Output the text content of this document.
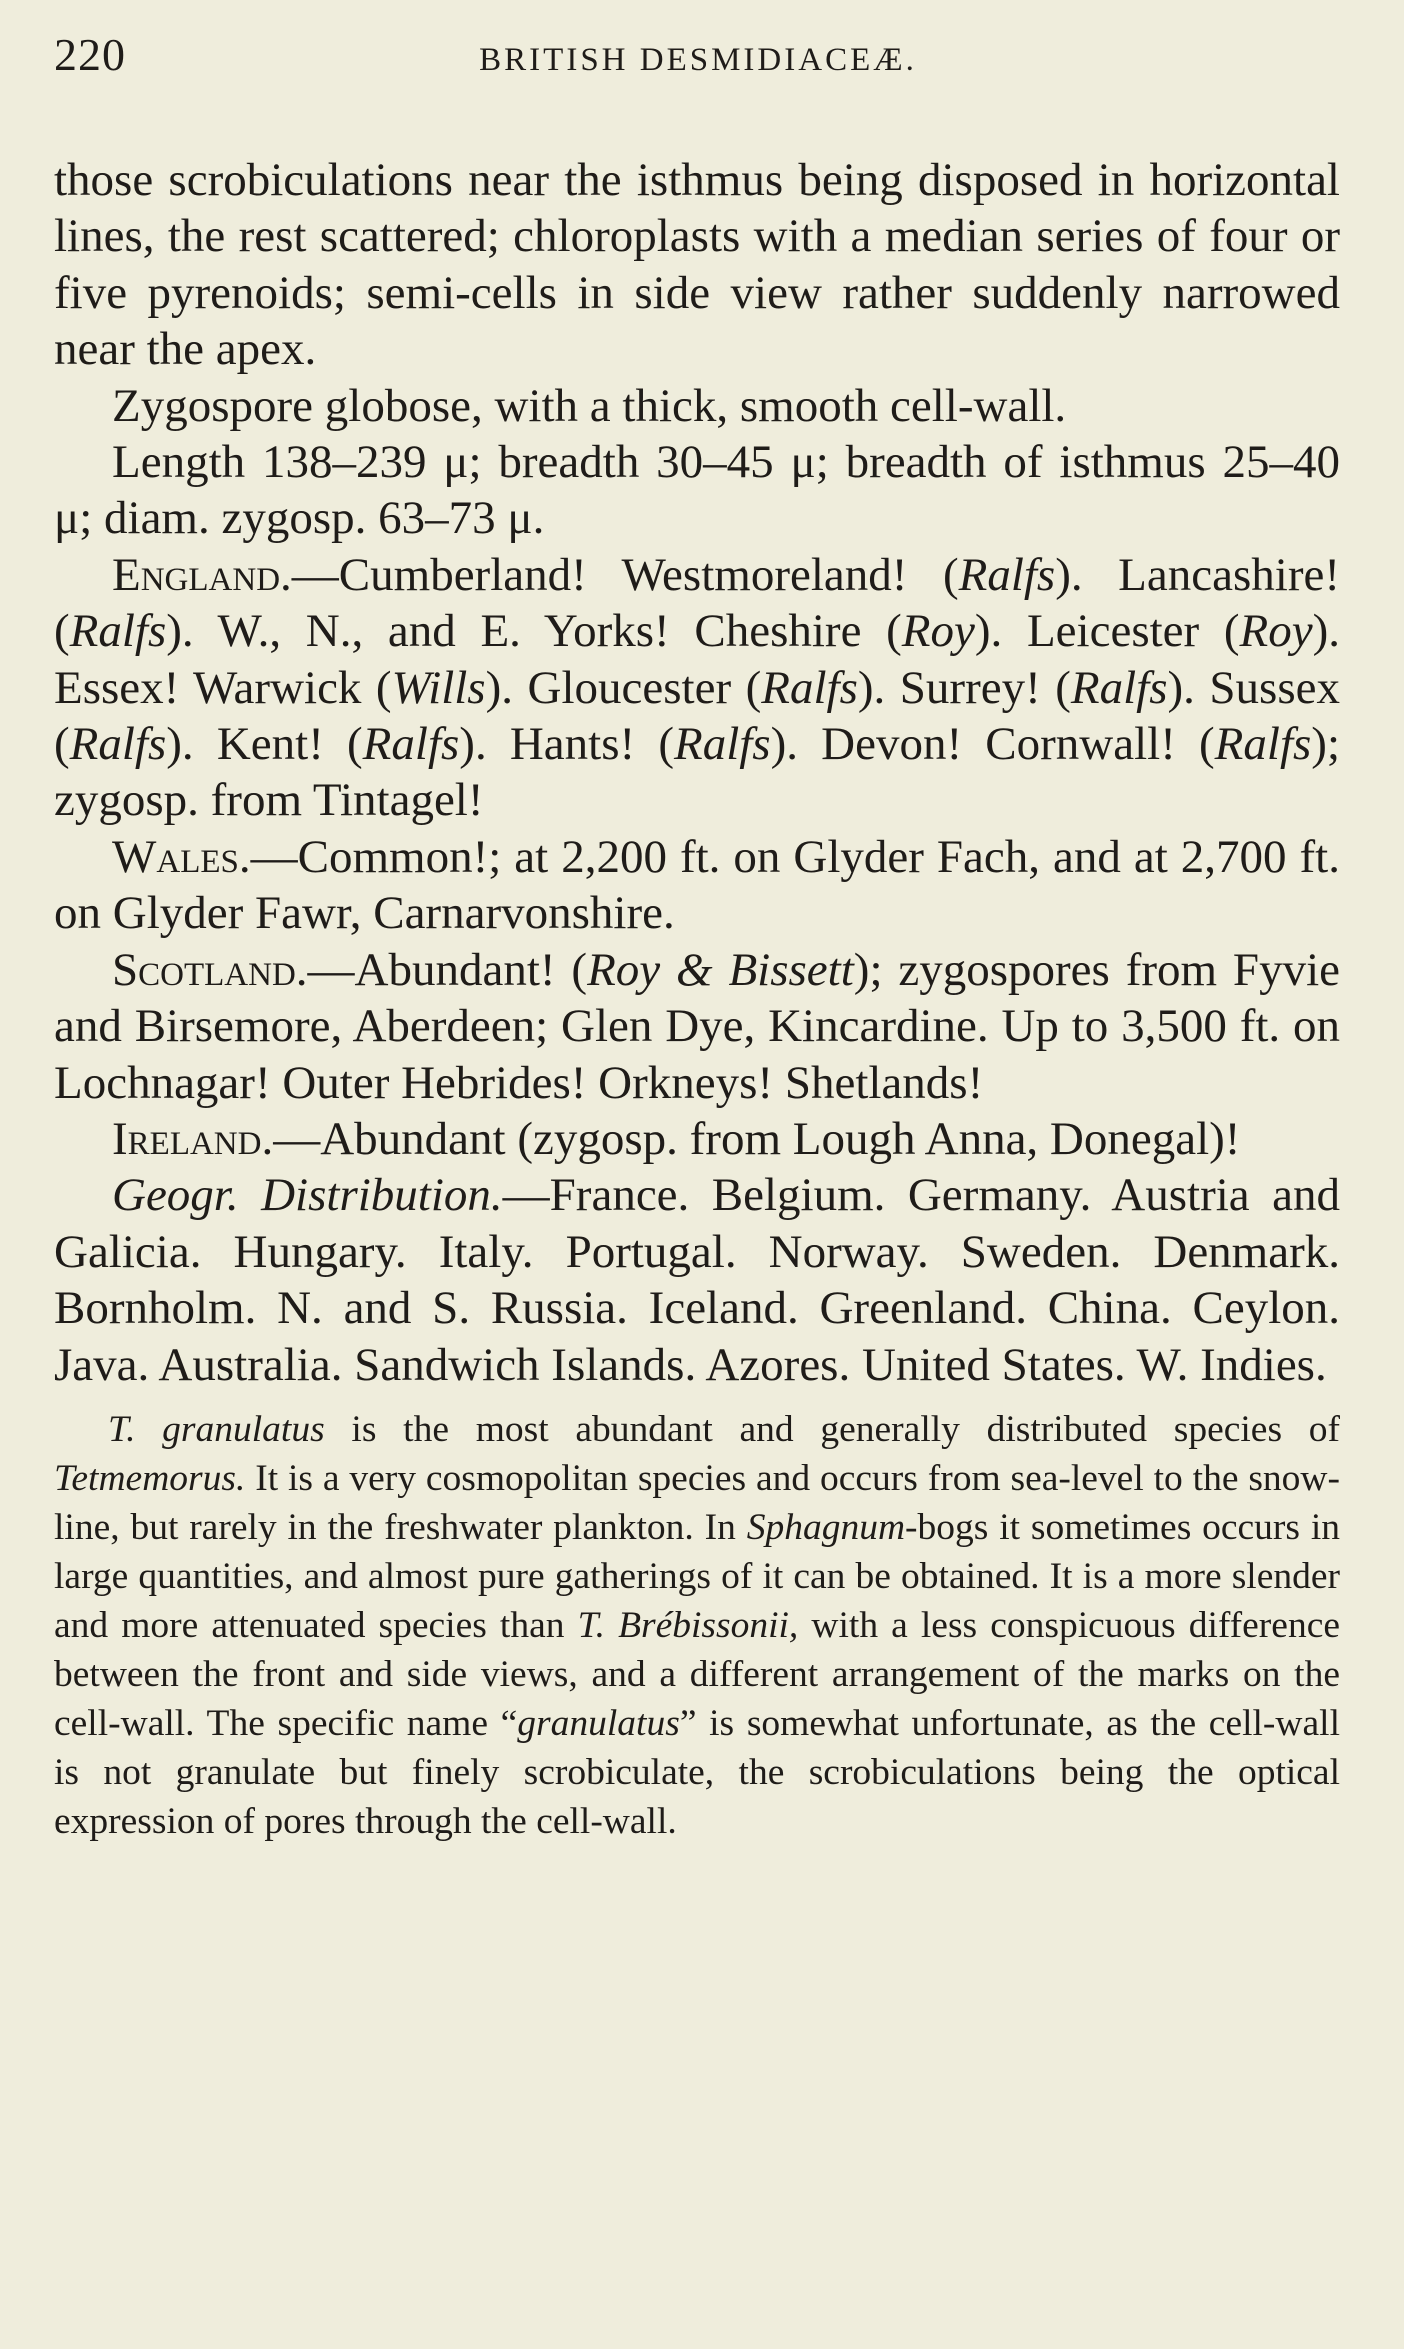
220	BRITISH DESMIDIACEÆ.

those scrobiculations near the isthmus being disposed in horizontal lines, the rest scattered; chloroplasts with a median series of four or five pyrenoids; semi-cells in side view rather suddenly narrowed near the apex.

Zygospore globose, with a thick, smooth cell-wall.

Length 138–239 μ; breadth 30–45 μ; breadth of isthmus 25–40 μ; diam. zygosp. 63–73 μ.

England.—Cumberland! Westmoreland! (Ralfs). Lancashire! (Ralfs). W., N., and E. Yorks! Cheshire (Roy). Leicester (Roy). Essex! Warwick (Wills). Gloucester (Ralfs). Surrey! (Ralfs). Sussex (Ralfs). Kent! (Ralfs). Hants! (Ralfs). Devon! Cornwall! (Ralfs); zygosp. from Tintagel!

Wales.—Common!; at 2,200 ft. on Glyder Fach, and at 2,700 ft. on Glyder Fawr, Carnarvonshire.

Scotland.—Abundant! (Roy & Bissett); zygospores from Fyvie and Birsemore, Aberdeen; Glen Dye, Kincardine. Up to 3,500 ft. on Lochnagar! Outer Hebrides! Orkneys! Shetlands!

Ireland.—Abundant (zygosp. from Lough Anna, Donegal)!

Geogr. Distribution.—France. Belgium. Germany. Austria and Galicia. Hungary. Italy. Portugal. Norway. Sweden. Denmark. Bornholm. N. and S. Russia. Iceland. Greenland. China. Ceylon. Java. Australia. Sandwich Islands. Azores. United States. W. Indies.

T. granulatus is the most abundant and generally distributed species of Tetmemorus. It is a very cosmopolitan species and occurs from sea-level to the snow-line, but rarely in the freshwater plankton. In Sphagnum-bogs it sometimes occurs in large quantities, and almost pure gatherings of it can be obtained. It is a more slender and more attenuated species than T. Brébissonii, with a less conspicuous difference between the front and side views, and a different arrangement of the marks on the cell-wall. The specific name “granulatus” is somewhat unfortunate, as the cell-wall is not granulate but finely scrobiculate, the scrobiculations being the optical expression of pores through the cell-wall.
